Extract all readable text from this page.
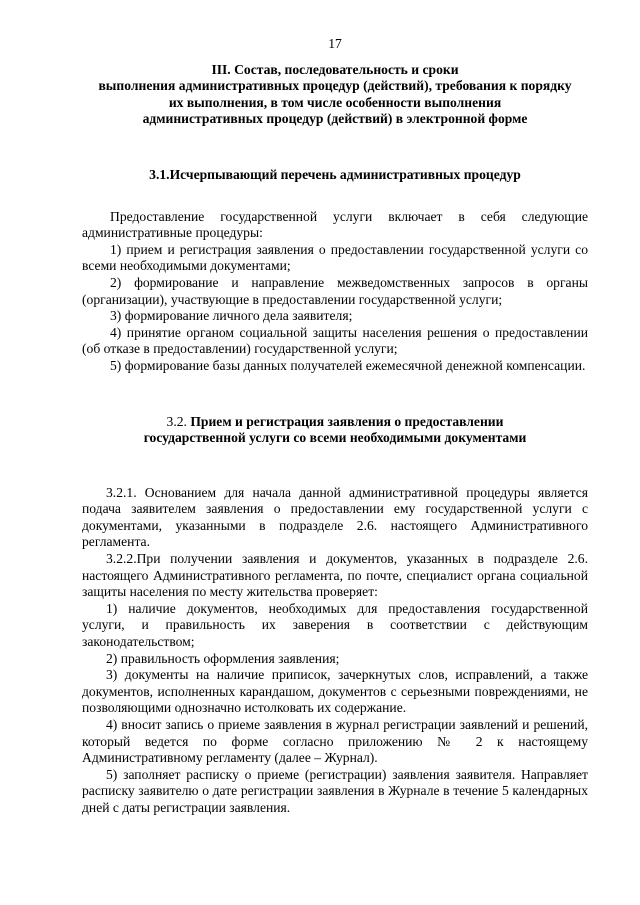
17
III. Состав, последовательность и сроки
выполнения административных процедур (действий), требования к порядку
их выполнения, в том числе особенности выполнения
административных процедур (действий) в электронной форме
3.1.Исчерпывающий перечень административных процедур

Предоставление государственной услуги включает в себя следующие административные процедуры:

1) прием и регистрация заявления о предоставлении государственной услуги со всеми необходимыми документами;

2) формирование и направление межведомственных запросов в органы (организации), участвующие в предоставлении государственной услуги;

3) формирование личного дела заявителя;

4) принятие органом социальной защиты населения решения о предоставлении (об отказе в предоставлении) государственной услуги;

5) формирование базы данных получателей ежемесячной денежной компенсации.

3.2. Прием и регистрация заявления о предоставлении
государственной услуги со всеми необходимыми документами

3.2.1. Основанием для начала данной административной процедуры является подача заявителем заявления о предоставлении ему государственной услуги с документами, указанными в подразделе 2.6. настоящего Административного регламента.

3.2.2.При получении заявления и документов, указанных в подразделе 2.6. настоящего Административного регламента, по почте, специалист органа социальной защиты населения по месту жительства проверяет:

1) наличие документов, необходимых для предоставления государственной услуги, и правильность их заверения в соответствии с действующим законодательством;

2) правильность оформления заявления;

3) документы на наличие приписок, зачеркнутых слов, исправлений, а также документов, исполненных карандашом, документов с серьезными повреждениями, не позволяющими однозначно истолковать их содержание.

4) вносит запись о приеме заявления в журнал регистрации заявлений и решений, который ведется по форме согласно приложению № 2 к настоящему Административному регламенту (далее – Журнал).

5) заполняет расписку о приеме (регистрации) заявления заявителя. Направляет расписку заявителю о дате регистрации заявления в Журнале в течение 5 календарных дней с даты регистрации заявления.
